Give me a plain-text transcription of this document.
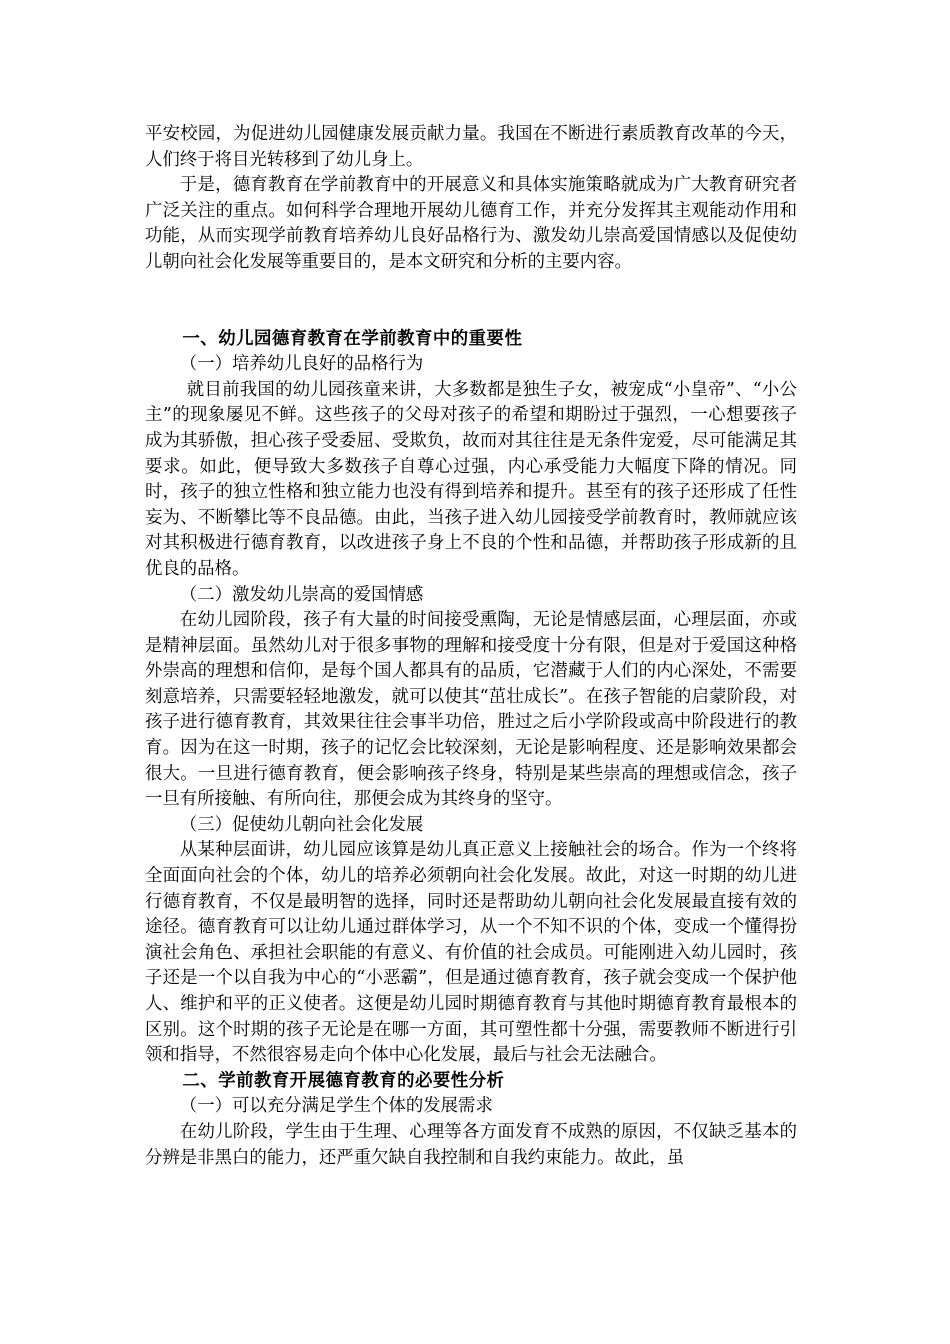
平安校园，为促进幼儿园健康发展贡献力量。我国在不断进行素质教育改革的今天，人们终于将目光转移到了幼儿身上。

于是，德育教育在学前教育中的开展意义和具体实施策略就成为广大教育研究者广泛关注的重点。如何科学合理地开展幼儿德育工作，并充分发挥其主观能动作用和功能，从而实现学前教育培养幼儿良好品格行为、激发幼儿崇高爱国情感以及促使幼儿朝向社会化发展等重要目的，是本文研究和分析的主要内容。

一、幼儿园德育教育在学前教育中的重要性

（一）培养幼儿良好的品格行为

就目前我国的幼儿园孩童来讲，大多数都是独生子女，被宠成“小皇帝”、“小公主”的现象屡见不鲜。这些孩子的父母对孩子的希望和期盼过于强烈，一心想要孩子成为其骄傲，担心孩子受委屈、受欺负，故而对其往往是无条件宠爱，尽可能满足其要求。如此，便导致大多数孩子自尊心过强，内心承受能力大幅度下降的情况。同时，孩子的独立性格和独立能力也没有得到培养和提升。甚至有的孩子还形成了任性妄为、不断攀比等不良品德。由此，当孩子进入幼儿园接受学前教育时，教师就应该对其积极进行德育教育，以改进孩子身上不良的个性和品德，并帮助孩子形成新的且优良的品格。

（二）激发幼儿崇高的爱国情感

在幼儿园阶段，孩子有大量的时间接受熏陶，无论是情感层面，心理层面，亦或是精神层面。虽然幼儿对于很多事物的理解和接受度十分有限，但是对于爱国这种格外崇高的理想和信仰，是每个国人都具有的品质，它潜藏于人们的内心深处，不需要刻意培养，只需要轻轻地激发，就可以使其“茁壮成长”。在孩子智能的启蒙阶段，对孩子进行德育教育，其效果往往会事半功倍，胜过之后小学阶段或高中阶段进行的教育。因为在这一时期，孩子的记忆会比较深刻，无论是影响程度、还是影响效果都会很大。一旦进行德育教育，便会影响孩子终身，特别是某些崇高的理想或信念，孩子一旦有所接触、有所向往，那便会成为其终身的坚守。

（三）促使幼儿朝向社会化发展

从某种层面讲，幼儿园应该算是幼儿真正意义上接触社会的场合。作为一个终将全面面向社会的个体，幼儿的培养必须朝向社会化发展。故此，对这一时期的幼儿进行德育教育，不仅是最明智的选择，同时还是帮助幼儿朝向社会化发展最直接有效的途径。德育教育可以让幼儿通过群体学习，从一个不知不识的个体，变成一个懂得扮演社会角色、承担社会职能的有意义、有价值的社会成员。可能刚进入幼儿园时，孩子还是一个以自我为中心的“小恶霸”，但是通过德育教育，孩子就会变成一个保护他人、维护和平的正义使者。这便是幼儿园时期德育教育与其他时期德育教育最根本的区别。这个时期的孩子无论是在哪一方面，其可塑性都十分强，需要教师不断进行引领和指导，不然很容易走向个体中心化发展，最后与社会无法融合。

二、学前教育开展德育教育的必要性分析

（一）可以充分满足学生个体的发展需求

在幼儿阶段，学生由于生理、心理等各方面发育不成熟的原因，不仅缺乏基本的分辨是非黑白的能力，还严重欠缺自我控制和自我约束能力。故此，虽
